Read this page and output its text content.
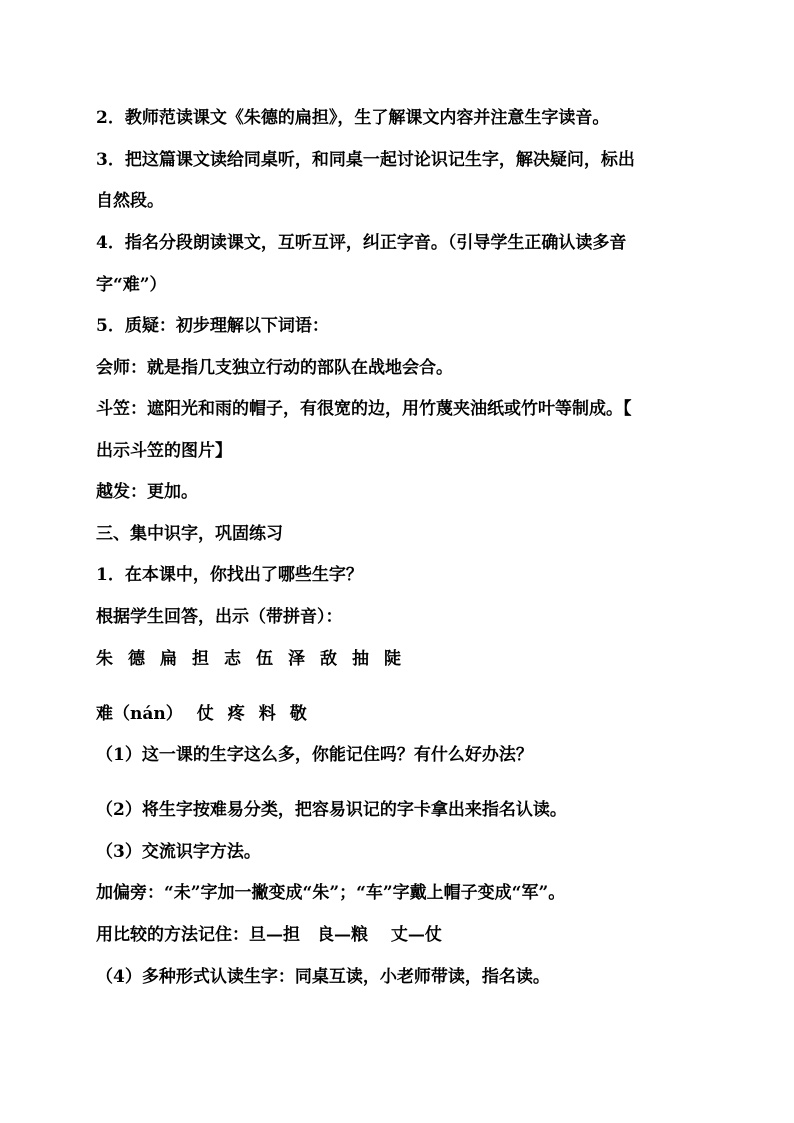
2．教师范读课文《朱德的扁担》，生了解课文内容并注意生字读音。
3．把这篇课文读给同桌听，和同桌一起讨论识记生字，解决疑问，标出
自然段。
4．指名分段朗读课文，互听互评，纠正字音。（引导学生正确认读多音
字“难”）
5．质疑：初步理解以下词语：
会师：就是指几支独立行动的部队在战地会合。
斗笠：遮阳光和雨的帽子，有很宽的边，用竹蔑夹油纸或竹叶等制成。【
出示斗笠的图片】
越发：更加。
三、集中识字，巩固练习
1．在本课中，你找出了哪些生字？
根据学生回答，出示（带拼音）：
朱 德 扁 担 志 伍 泽 敌 抽 陡
难（nán） 仗 疼 料 敬
（1）这一课的生字这么多，你能记住吗？有什么好办法？
（2）将生字按难易分类，把容易识记的字卡拿出来指名认读。
（3）交流识字方法。
加偏旁：“未”字加一撇变成“朱”；“车”字戴上帽子变成“军”。
用比较的方法记住：旦—担　良—粮　 丈—仗
（4）多种形式认读生字：同桌互读，小老师带读，指名读。
